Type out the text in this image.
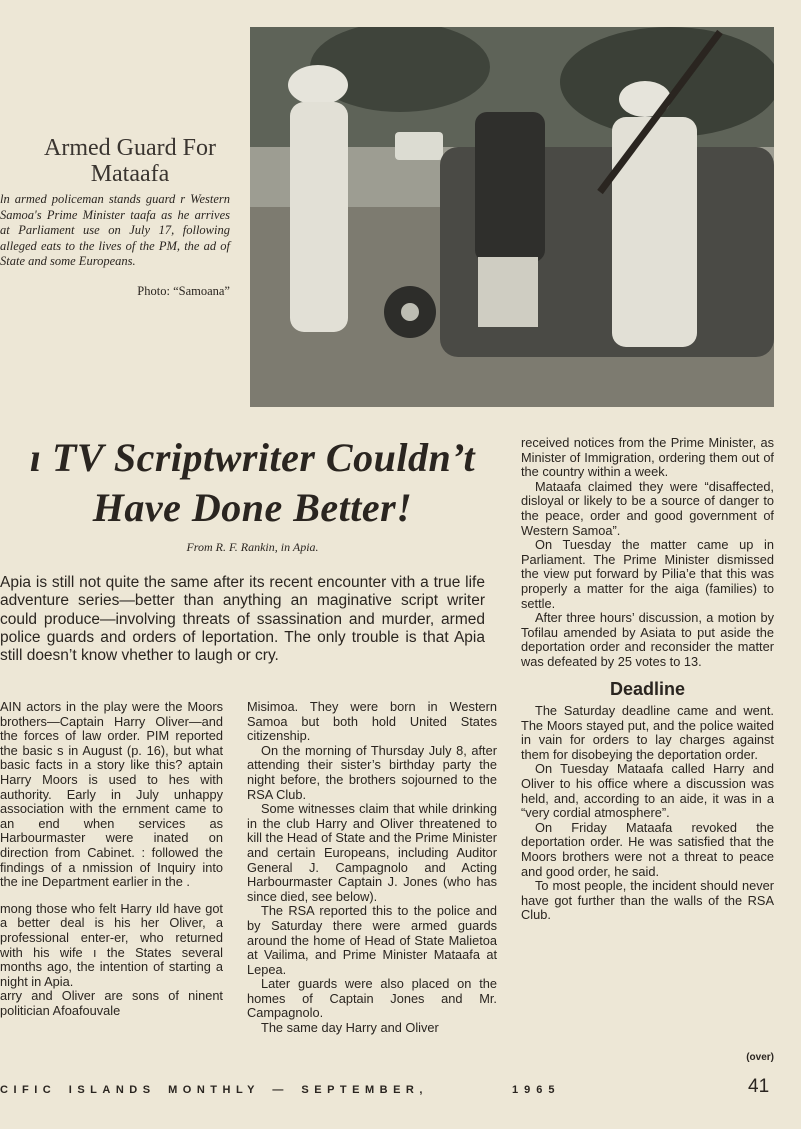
Armed Guard For Mataafa
ln armed policeman stands guard r Western Samoa's Prime Minister taafa as he arrives at Parliament use on July 17, following alleged eats to the lives of the PM, the ad of State and some Europeans.
Photo: “Samoana”
ı TV Scriptwriter Couldn’t
Have Done Better!
From R. F. Rankin, in Apia.
Apia is still not quite the same after its recent encounter vith a true life adventure series—better than anything an maginative script writer could produce—involving threats of ssassination and murder, armed police guards and orders of leportation. The only trouble is that Apia still doesn’t know vhether to laugh or cry.

AIN actors in the play were the Moors brothers—Captain Harry Oliver—and the forces of law order. PIM reported the basic s in August (p. 16), but what basic facts in a story like this? aptain Harry Moors is used to hes with authority. Early in July unhappy association with the ernment came to an end when services as Harbourmaster were inated on direction from Cabinet. : followed the findings of a nmission of Inquiry into the ine Department earlier in the .

mong those who felt Harry ıld have got a better deal is his her Oliver, a professional enter-er, who returned with his wife ı the States several months ago, the intention of starting a night in Apia.

arry and Oliver are sons of ninent politician Afoafouvale

Misimoa. They were born in Western Samoa but both hold United States citizenship.

On the morning of Thursday July 8, after attending their sister’s birthday party the night before, the brothers sojourned to the RSA Club.

Some witnesses claim that while drinking in the club Harry and Oliver threatened to kill the Head of State and the Prime Minister and certain Europeans, including Auditor General J. Campagnolo and Acting Harbourmaster Captain J. Jones (who has since died, see below).

The RSA reported this to the police and by Saturday there were armed guards around the home of Head of State Malietoa at Vailima, and Prime Minister Mataafa at Lepea.

Later guards were also placed on the homes of Captain Jones and Mr. Campagnolo.

The same day Harry and Oliver

received notices from the Prime Minister, as Minister of Immigration, ordering them out of the country within a week.

Mataafa claimed they were “disaffected, disloyal or likely to be a source of danger to the peace, order and good government of Western Samoa”.

On Tuesday the matter came up in Parliament. The Prime Minister dismissed the view put forward by Pilia’e that this was properly a matter for the aiga (families) to settle.

After three hours’ discussion, a motion by Tofilau amended by Asiata to put aside the deportation order and reconsider the matter was defeated by 25 votes to 13.

Deadline

The Saturday deadline came and went. The Moors stayed put, and the police waited in vain for orders to lay charges against them for disobeying the deportation order.

On Tuesday Mataafa called Harry and Oliver to his office where a discussion was held, and, according to an aide, it was in a “very cordial atmosphere”.

On Friday Mataafa revoked the deportation order. He was satisfied that the Moors brothers were not a threat to peace and good order, he said.

To most people, the incident should never have got further than the walls of the RSA Club.

(over)
CIFIC ISLANDS MONTHLY — SEPTEMBER,	1965	41
